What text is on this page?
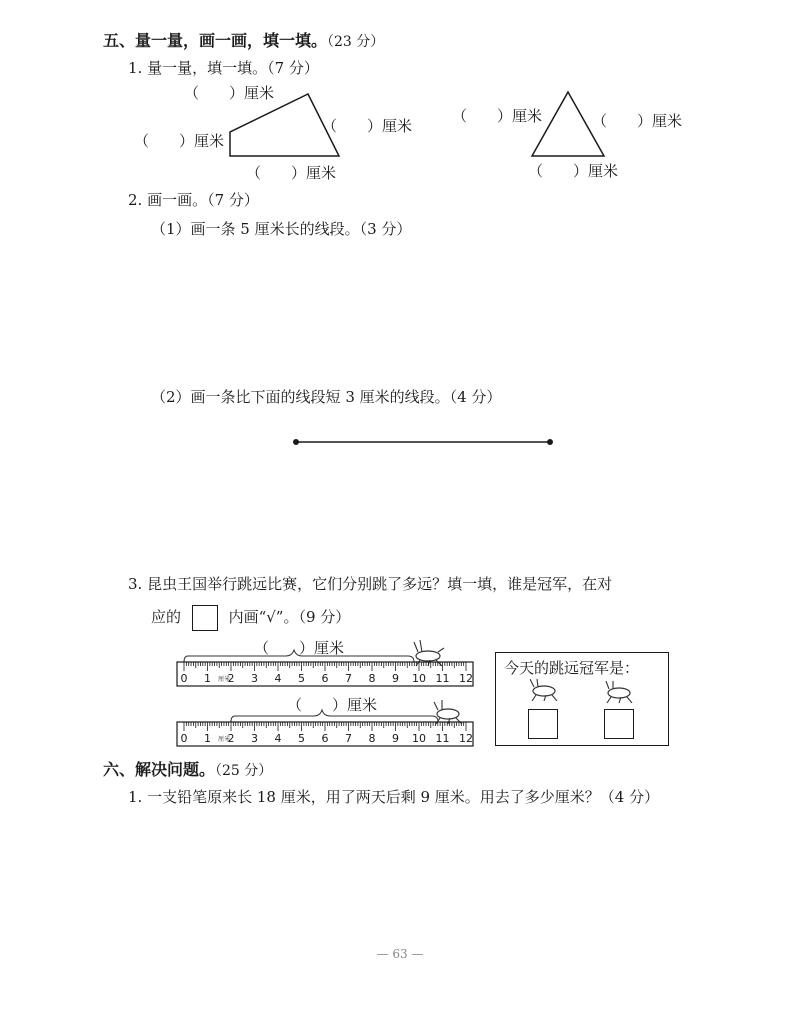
五、量一量，画一画，填一填。（23 分）
1. 量一量，填一填。（7 分）
（　　）厘米
（　　）厘米
（　　）厘米
（　　）厘米
（　　）厘米	（　　）厘米
（　　）厘米
2. 画一画。（7 分）
（1）画一条 5 厘米长的线段。（3 分）
（2）画一条比下面的线段短 3 厘米的线段。（4 分）
3. 昆虫王国举行跳远比赛，它们分别跳了多远？填一填，谁是冠军，在对
应的	内画“√”。（9 分）
（　　）厘米
（　　）厘米
0 1 2 3 4 5 6 7 8 9 10 11 12
厘米
0 1 2 3 4 5 6 7 8 9 10 11 12
厘米
今天的跳远冠军是：
六、解决问题。（25 分）
1. 一支铅笔原来长 18 厘米，用了两天后剩 9 厘米。用去了多少厘米？（4 分）
— 63 —
